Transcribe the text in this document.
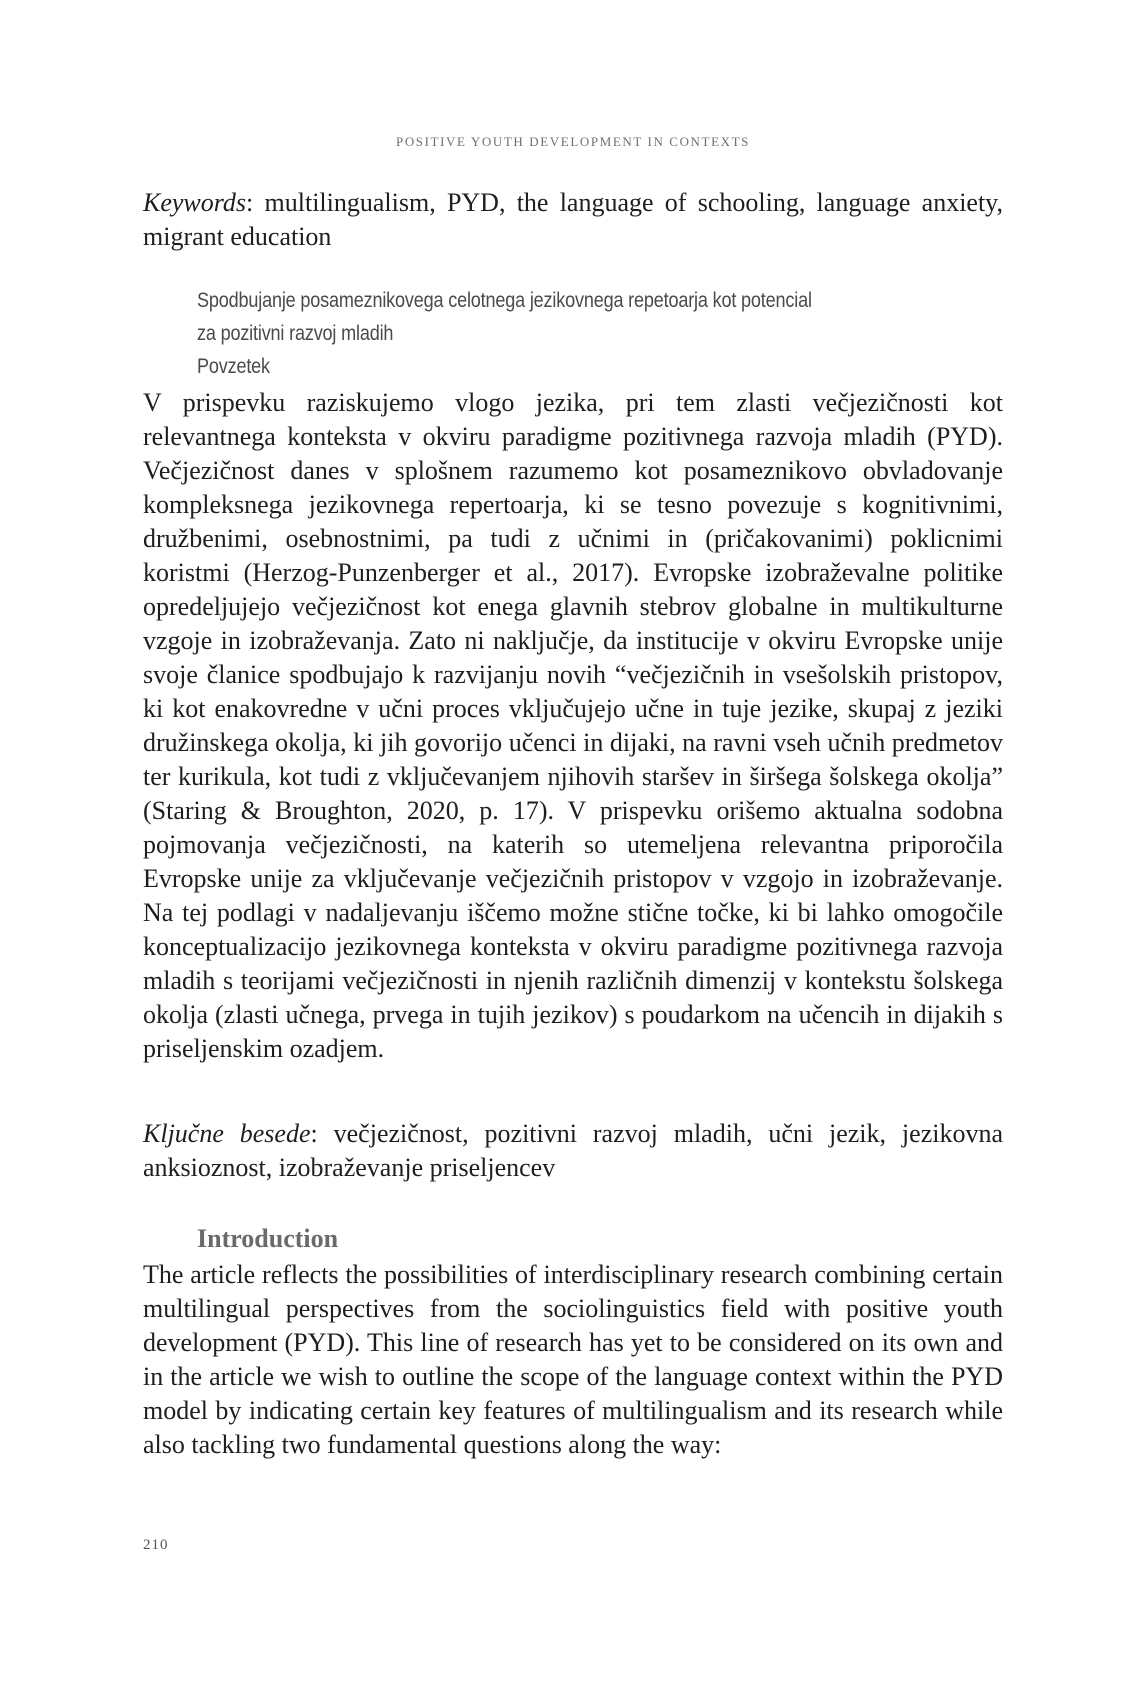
POSITIVE YOUTH DEVELOPMENT IN CONTEXTS

Keywords: multilingualism, PYD, the language of schooling, language anxiety, migrant education

Spodbujanje posameznikovega celotnega jezikovnega repetoarja kot potencial
za pozitivni razvoj mladih
Povzetek

V prispevku raziskujemo vlogo jezika, pri tem zlasti večjezičnosti kot relevantnega konteksta v okviru paradigme pozitivnega razvoja mladih (PYD). Večjezičnost danes v splošnem razumemo kot posameznikovo obvladovanje kompleksnega jezikovnega repertoarja, ki se tesno povezuje s kognitivnimi, družbenimi, osebnostnimi, pa tudi z učnimi in (pričakovanimi) poklicnimi koristmi (Herzog-Punzenberger et al., 2017). Evropske izobraževalne politike opredeljujejo večjezičnost kot enega glavnih stebrov globalne in multikulturne vzgoje in izobraževanja. Zato ni naključje, da institucije v okviru Evropske unije svoje članice spodbujajo k razvijanju novih “večjezičnih in vsešolskih pristopov, ki kot enakovredne v učni proces vključujejo učne in tuje jezike, skupaj z jeziki družinskega okolja, ki jih govorijo učenci in dijaki, na ravni vseh učnih predmetov ter kurikula, kot tudi z vključevanjem njihovih staršev in širšega šolskega okolja” (Staring & Broughton, 2020, p. 17). V prispevku orišemo aktualna sodobna pojmovanja večjezičnosti, na katerih so utemeljena relevantna priporočila Evropske unije za vključevanje večjezičnih pristopov v vzgojo in izobraževanje. Na tej podlagi v nadaljevanju iščemo možne stične točke, ki bi lahko omogočile konceptualizacijo jezikovnega konteksta v okviru paradigme pozitivnega razvoja mladih s teorijami večjezičnosti in njenih različnih dimenzij v kontekstu šolskega okolja (zlasti učnega, prvega in tujih jezikov) s poudarkom na učencih in dijakih s priseljenskim ozadjem.

Ključne besede: večjezičnost, pozitivni razvoj mladih, učni jezik, jezikovna anksioznost, izobraževanje priseljencev

Introduction

The article reflects the possibilities of interdisciplinary research combining certain multilingual perspectives from the sociolinguistics field with positive youth development (PYD). This line of research has yet to be considered on its own and in the article we wish to outline the scope of the language context within the PYD model by indicating certain key features of multilingualism and its research while also tackling two fundamental questions along the way:

210
